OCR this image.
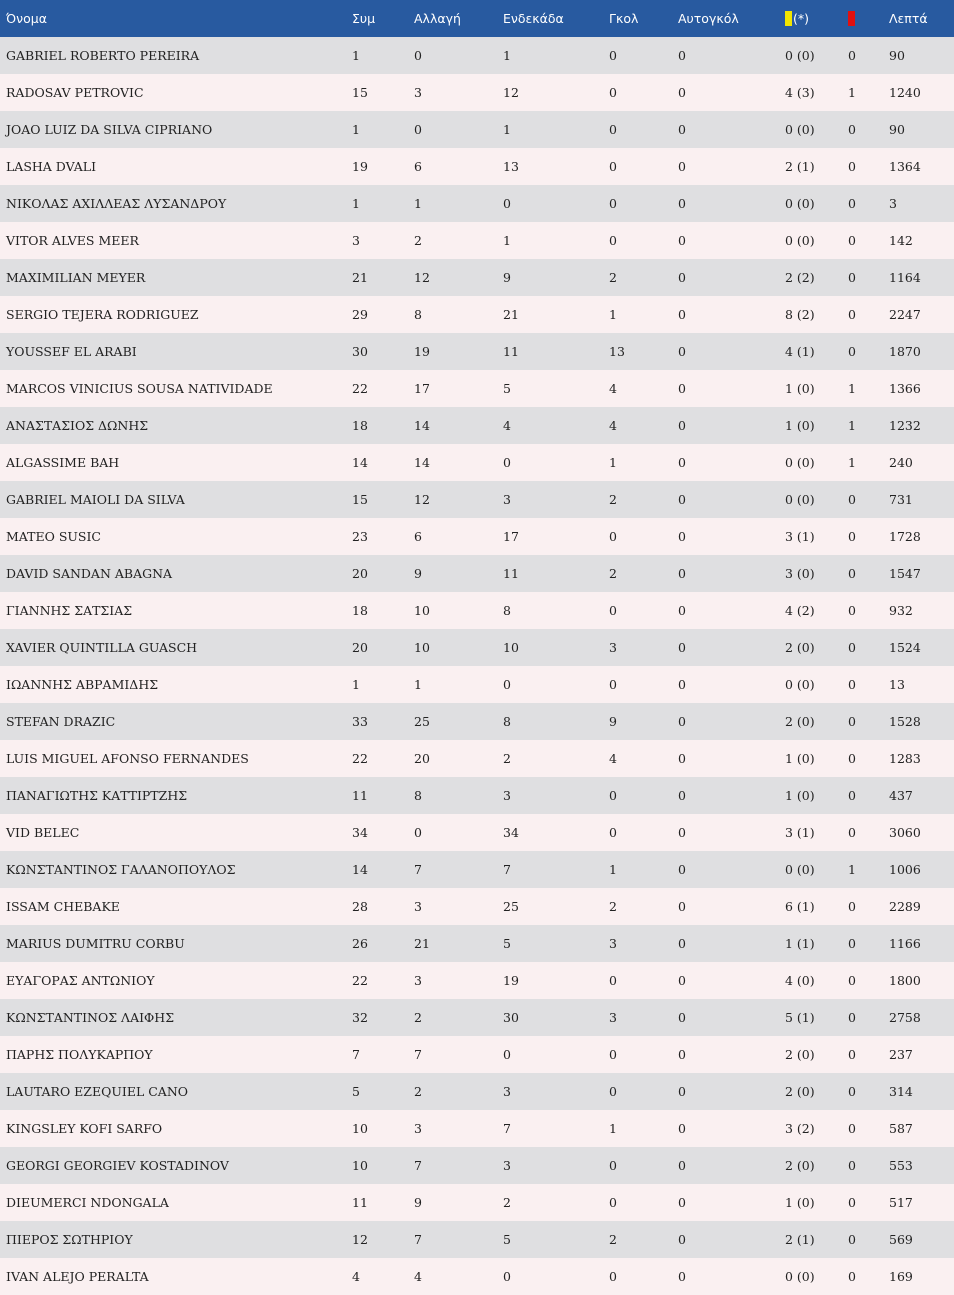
Όνομα	Συμ	Αλλαγή	Ενδεκάδα	Γκολ	Αυτογκόλ	(*)		Λεπτά
GABRIEL ROBERTO PEREIRA	1	0	1	0	0	0 (0)	0	90
RADOSAV PETROVIC	15	3	12	0	0	4 (3)	1	1240
JOAO LUIZ DA SILVA CIPRIANO	1	0	1	0	0	0 (0)	0	90
LASHA DVALI	19	6	13	0	0	2 (1)	0	1364
ΝΙΚΟΛΑΣ ΑΧΙΛΛΕΑΣ ΛΥΣΑΝΔΡΟΥ	1	1	0	0	0	0 (0)	0	3
VITOR ALVES MEER	3	2	1	0	0	0 (0)	0	142
MAXIMILIAN MEYER	21	12	9	2	0	2 (2)	0	1164
SERGIO TEJERA RODRIGUEZ	29	8	21	1	0	8 (2)	0	2247
YOUSSEF EL ARABI	30	19	11	13	0	4 (1)	0	1870
MARCOS VINICIUS SOUSA NATIVIDADE	22	17	5	4	0	1 (0)	1	1366
ΑΝΑΣΤΑΣΙΟΣ ΔΩΝΗΣ	18	14	4	4	0	1 (0)	1	1232
ALGASSIME BAH	14	14	0	1	0	0 (0)	1	240
GABRIEL MAIOLI DA SILVA	15	12	3	2	0	0 (0)	0	731
MATEO SUSIC	23	6	17	0	0	3 (1)	0	1728
DAVID SANDAN ABAGNA	20	9	11	2	0	3 (0)	0	1547
ΓΙΑΝΝΗΣ ΣΑΤΣΙΑΣ	18	10	8	0	0	4 (2)	0	932
XAVIER QUINTILLA GUASCH	20	10	10	3	0	2 (0)	0	1524
ΙΩΑΝΝΗΣ ΑΒΡΑΜΙΔΗΣ	1	1	0	0	0	0 (0)	0	13
STEFAN DRAZIC	33	25	8	9	0	2 (0)	0	1528
LUIS MIGUEL AFONSO FERNANDES	22	20	2	4	0	1 (0)	0	1283
ΠΑΝΑΓΙΩΤΗΣ ΚΑΤΤΙΡΤΖΗΣ	11	8	3	0	0	1 (0)	0	437
VID BELEC	34	0	34	0	0	3 (1)	0	3060
ΚΩΝΣΤΑΝΤΙΝΟΣ ΓΑΛΑΝΟΠΟΥΛΟΣ	14	7	7	1	0	0 (0)	1	1006
ISSAM CHEBAKE	28	3	25	2	0	6 (1)	0	2289
MARIUS DUMITRU CORBU	26	21	5	3	0	1 (1)	0	1166
ΕΥΑΓΟΡΑΣ ΑΝΤΩΝΙΟΥ	22	3	19	0	0	4 (0)	0	1800
ΚΩΝΣΤΑΝΤΙΝΟΣ ΛΑΙΦΗΣ	32	2	30	3	0	5 (1)	0	2758
ΠΑΡΗΣ ΠΟΛΥΚΑΡΠΟΥ	7	7	0	0	0	2 (0)	0	237
LAUTARO EZEQUIEL CANO	5	2	3	0	0	2 (0)	0	314
KINGSLEY KOFI SARFO	10	3	7	1	0	3 (2)	0	587
GEORGI GEORGIEV KOSTADINOV	10	7	3	0	0	2 (0)	0	553
DIEUMERCI NDONGALA	11	9	2	0	0	1 (0)	0	517
ΠΙΕΡΟΣ ΣΩΤΗΡΙΟΥ	12	7	5	2	0	2 (1)	0	569
IVAN ALEJO PERALTA	4	4	0	0	0	0 (0)	0	169
